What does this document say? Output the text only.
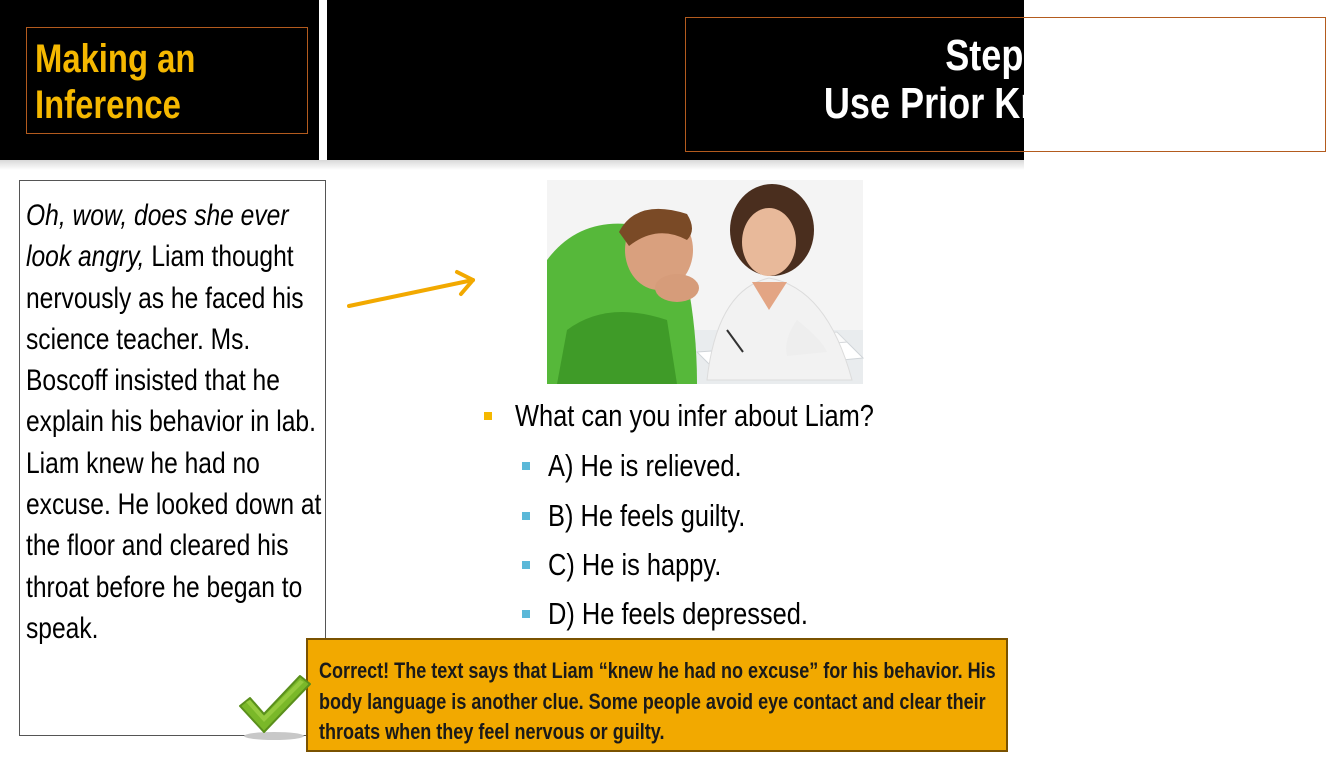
Making an
Inference
Step 2:
Use Prior Knowledge
Oh, wow, does she ever look angry, Liam thought nervously as he faced his science teacher. Ms. Boscoff insisted that he explain his behavior in lab. Liam knew he had no excuse. He looked down at the floor and cleared his throat before he began to speak.
What can you infer about Liam?
A) He is relieved.
B) He feels guilty.
C) He is happy.
D) He feels depressed.
Correct! The text says that Liam “knew he had no excuse” for his behavior. His body language is another clue. Some people avoid eye contact and clear their throats when they feel nervous or guilty.
